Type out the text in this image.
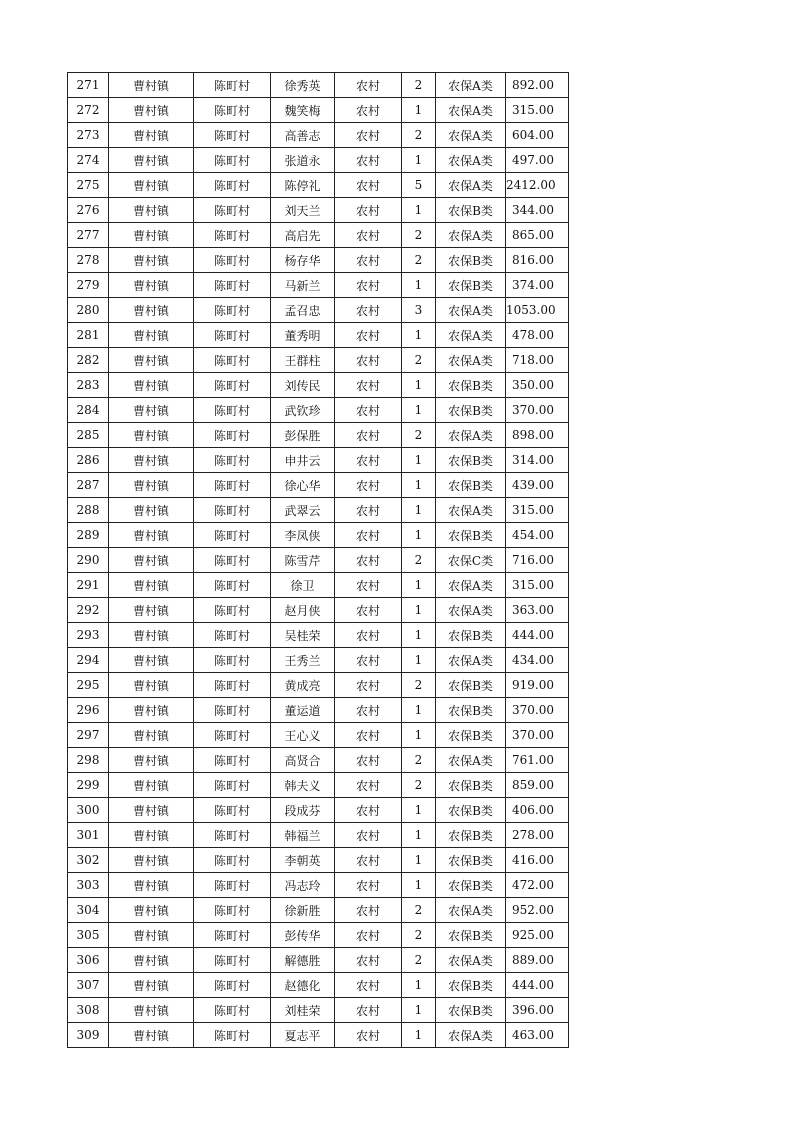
271	曹村镇	陈町村	徐秀英	农村	2	农保A类	892.00
272	曹村镇	陈町村	魏笑梅	农村	1	农保A类	315.00
273	曹村镇	陈町村	高善志	农村	2	农保A类	604.00
274	曹村镇	陈町村	张道永	农村	1	农保A类	497.00
275	曹村镇	陈町村	陈停礼	农村	5	农保A类	2412.00
276	曹村镇	陈町村	刘天兰	农村	1	农保B类	344.00
277	曹村镇	陈町村	高启先	农村	2	农保A类	865.00
278	曹村镇	陈町村	杨存华	农村	2	农保B类	816.00
279	曹村镇	陈町村	马新兰	农村	1	农保B类	374.00
280	曹村镇	陈町村	孟召忠	农村	3	农保A类	1053.00
281	曹村镇	陈町村	董秀明	农村	1	农保A类	478.00
282	曹村镇	陈町村	王群柱	农村	2	农保A类	718.00
283	曹村镇	陈町村	刘传民	农村	1	农保B类	350.00
284	曹村镇	陈町村	武钦珍	农村	1	农保B类	370.00
285	曹村镇	陈町村	彭保胜	农村	2	农保A类	898.00
286	曹村镇	陈町村	申井云	农村	1	农保B类	314.00
287	曹村镇	陈町村	徐心华	农村	1	农保B类	439.00
288	曹村镇	陈町村	武翠云	农村	1	农保A类	315.00
289	曹村镇	陈町村	李凤侠	农村	1	农保B类	454.00
290	曹村镇	陈町村	陈雪芹	农村	2	农保C类	716.00
291	曹村镇	陈町村	徐卫	农村	1	农保A类	315.00
292	曹村镇	陈町村	赵月侠	农村	1	农保A类	363.00
293	曹村镇	陈町村	吴桂荣	农村	1	农保B类	444.00
294	曹村镇	陈町村	王秀兰	农村	1	农保A类	434.00
295	曹村镇	陈町村	黄成亮	农村	2	农保B类	919.00
296	曹村镇	陈町村	董运道	农村	1	农保B类	370.00
297	曹村镇	陈町村	王心义	农村	1	农保B类	370.00
298	曹村镇	陈町村	高贤合	农村	2	农保A类	761.00
299	曹村镇	陈町村	韩夫义	农村	2	农保B类	859.00
300	曹村镇	陈町村	段成芬	农村	1	农保B类	406.00
301	曹村镇	陈町村	韩福兰	农村	1	农保B类	278.00
302	曹村镇	陈町村	李朝英	农村	1	农保B类	416.00
303	曹村镇	陈町村	冯志玲	农村	1	农保B类	472.00
304	曹村镇	陈町村	徐新胜	农村	2	农保A类	952.00
305	曹村镇	陈町村	彭传华	农村	2	农保B类	925.00
306	曹村镇	陈町村	解德胜	农村	2	农保A类	889.00
307	曹村镇	陈町村	赵德化	农村	1	农保B类	444.00
308	曹村镇	陈町村	刘桂荣	农村	1	农保B类	396.00
309	曹村镇	陈町村	夏志平	农村	1	农保A类	463.00
